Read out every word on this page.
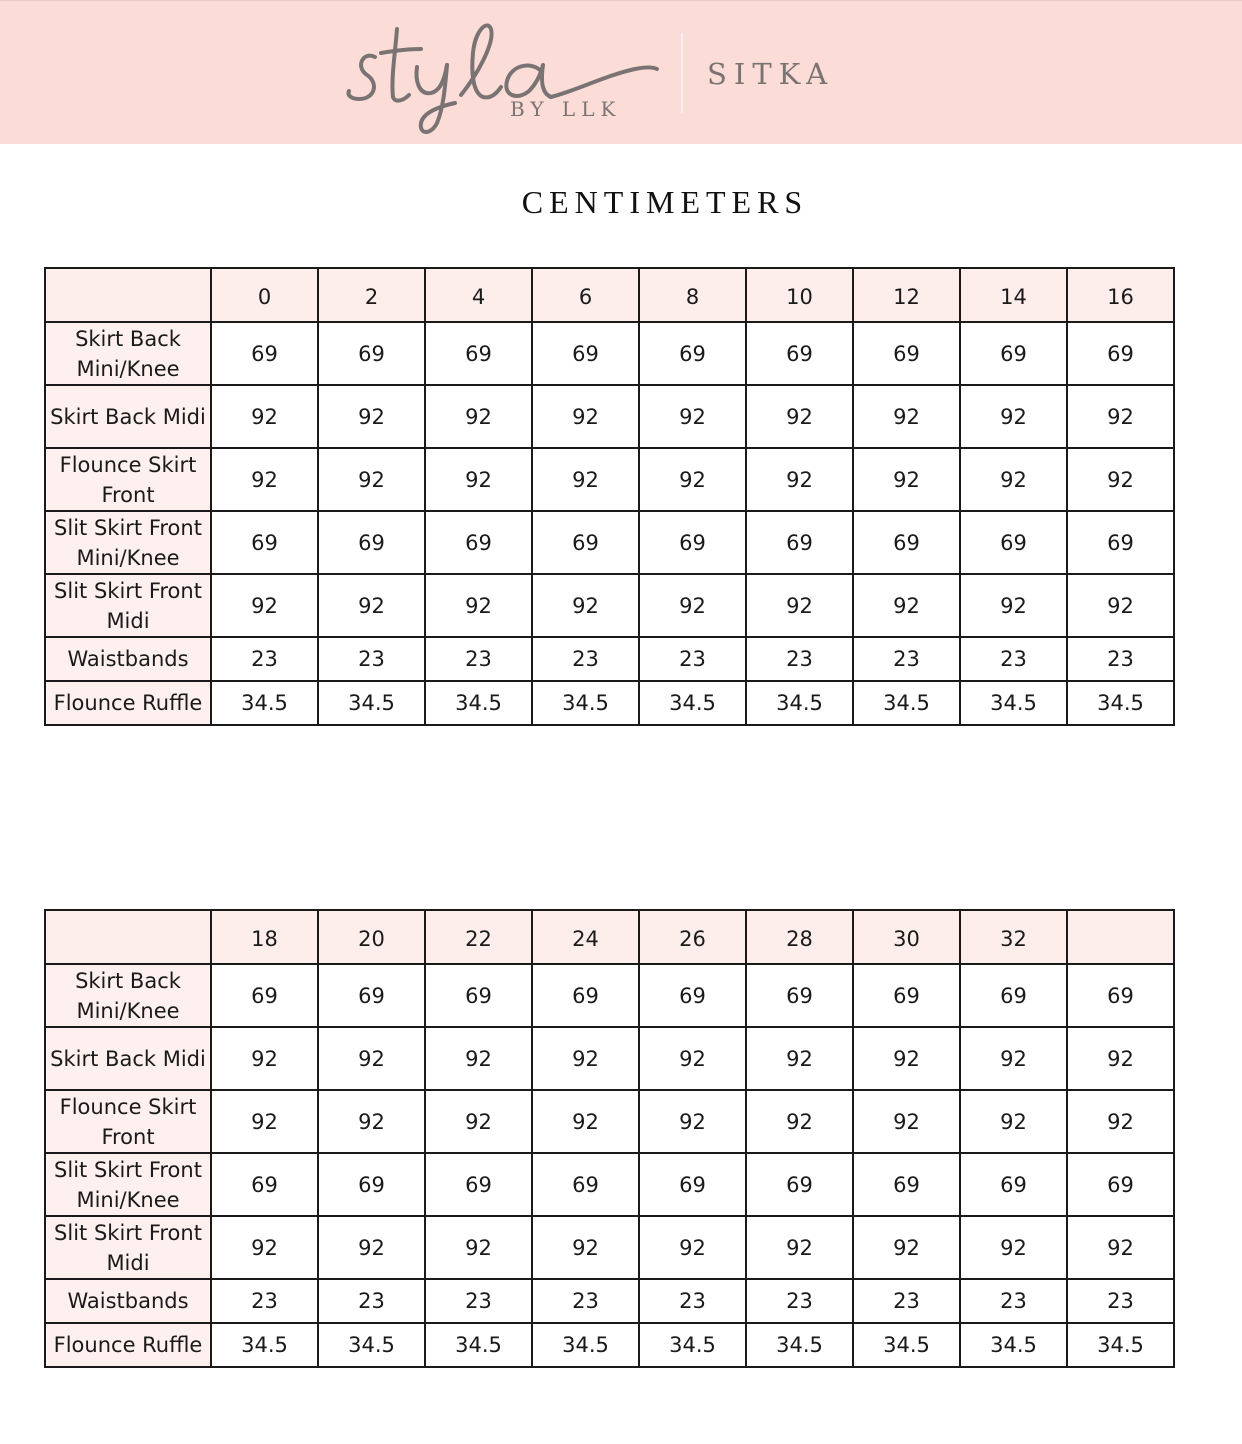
BY LLK
SITKA
CENTIMETERS
	0	2	4	6	8	10	12	14	16
Skirt Back Mini/Knee	69	69	69	69	69	69	69	69	69
Skirt Back Midi	92	92	92	92	92	92	92	92	92
Flounce Skirt Front	92	92	92	92	92	92	92	92	92
Slit Skirt Front Mini/Knee	69	69	69	69	69	69	69	69	69
Slit Skirt Front Midi	92	92	92	92	92	92	92	92	92
Waistbands	23	23	23	23	23	23	23	23	23
Flounce Ruffle	34.5	34.5	34.5	34.5	34.5	34.5	34.5	34.5	34.5
	18	20	22	24	26	28	30	32	
Skirt Back Mini/Knee	69	69	69	69	69	69	69	69	69
Skirt Back Midi	92	92	92	92	92	92	92	92	92
Flounce Skirt Front	92	92	92	92	92	92	92	92	92
Slit Skirt Front Mini/Knee	69	69	69	69	69	69	69	69	69
Slit Skirt Front Midi	92	92	92	92	92	92	92	92	92
Waistbands	23	23	23	23	23	23	23	23	23
Flounce Ruffle	34.5	34.5	34.5	34.5	34.5	34.5	34.5	34.5	34.5
